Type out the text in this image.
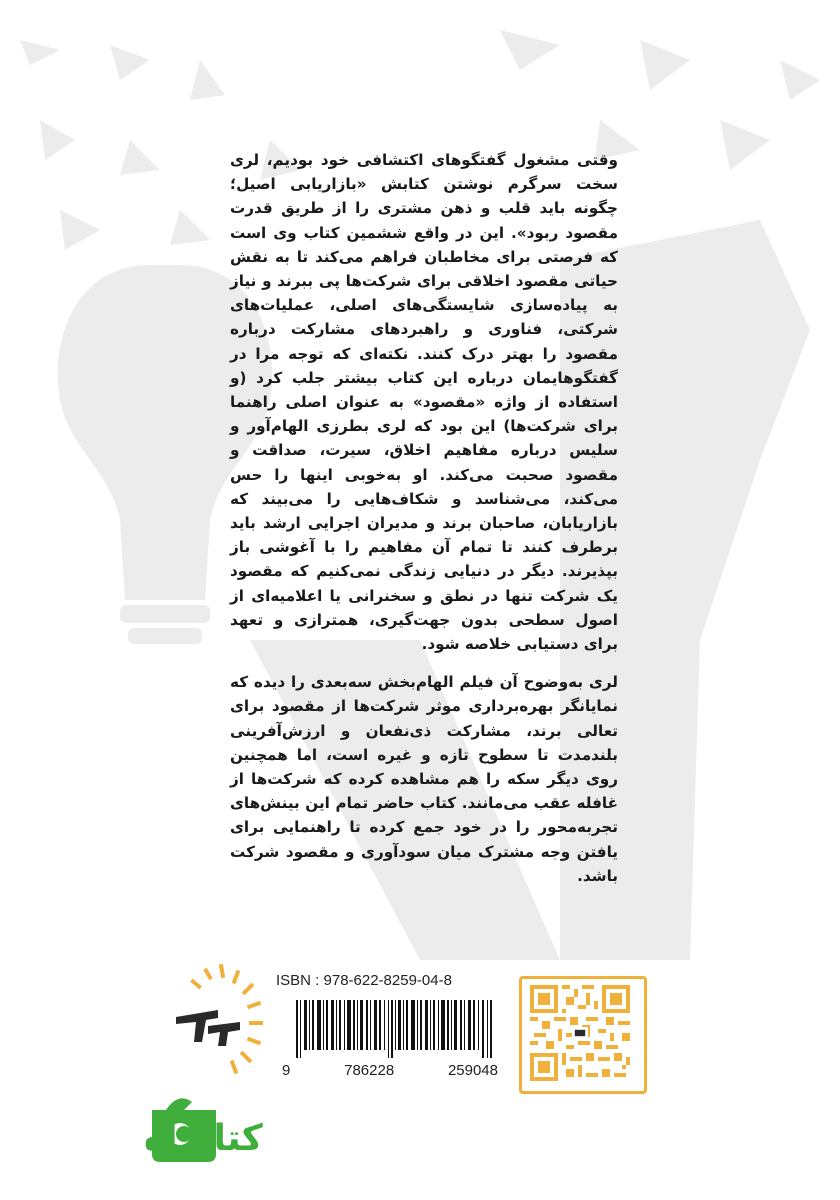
وقتی مشغول گفتگوهای اکتشافی خود بودیم، لری سخت سرگرم نوشتن کتابش «بازاریابی اصیل؛ چگونه باید قلب و ذهن مشتری را از طریق قدرت مقصود ربود». این در واقع ششمین کتاب وی است که فرصتی برای مخاطبان فراهم می‌کند تا به نقش حیاتی مقصود اخلاقی برای شرکت‌ها پی ببرند و نیاز به پیاده‌سازی شایستگی‌های اصلی، عملیات‌های شرکتی، فناوری و راهبردهای مشارکت درباره مقصود را بهتر درک کنند. نکته‌ای که توجه مرا در گفتگوهایمان درباره این کتاب بیشتر جلب کرد (و استفاده از واژه «مقصود» به عنوان اصلی راهنما برای شرکت‌ها) این بود که لری بطرزی الهام‌آور و سلیس درباره مفاهیم اخلاق، سیرت، صداقت و مقصود صحبت می‌کند. او به‌خوبی اینها را حس می‌کند، می‌شناسد و شکاف‌هایی را می‌بیند که بازاریابان، صاحبان برند و مدیران اجرایی ارشد باید برطرف کنند تا تمام آن مفاهیم را با آغوشی باز بپذیرند. دیگر در دنیایی زندگی نمی‌کنیم که مقصود یک شرکت تنها در نطق و سخنرانی یا اعلامیه‌ای از اصول سطحی بدون جهت‌گیری، همترازی و تعهد برای دستیابی خلاصه شود.

لری به‌وضوح آن فیلم الهام‌بخش سه‌بعدی را دیده که نمایانگر بهره‌برداری موثر شرکت‌ها از مقصود برای تعالی برند، مشارکت ذی‌نفعان و ارزش‌آفرینی بلندمدت تا سطوح تازه و غیره است، اما همچنین روی دیگر سکه را هم مشاهده کرده که شرکت‌ها از غافله عقب می‌مانند. کتاب حاضر تمام این بینش‌های تجربه‌محور را در خود جمع کرده تا راهنمایی برای یافتن وجه مشترک میان سودآوری و مقصود شرکت باشد.

ISBN : 978-622-8259-04-8
9	786228	259048
کتابراه
